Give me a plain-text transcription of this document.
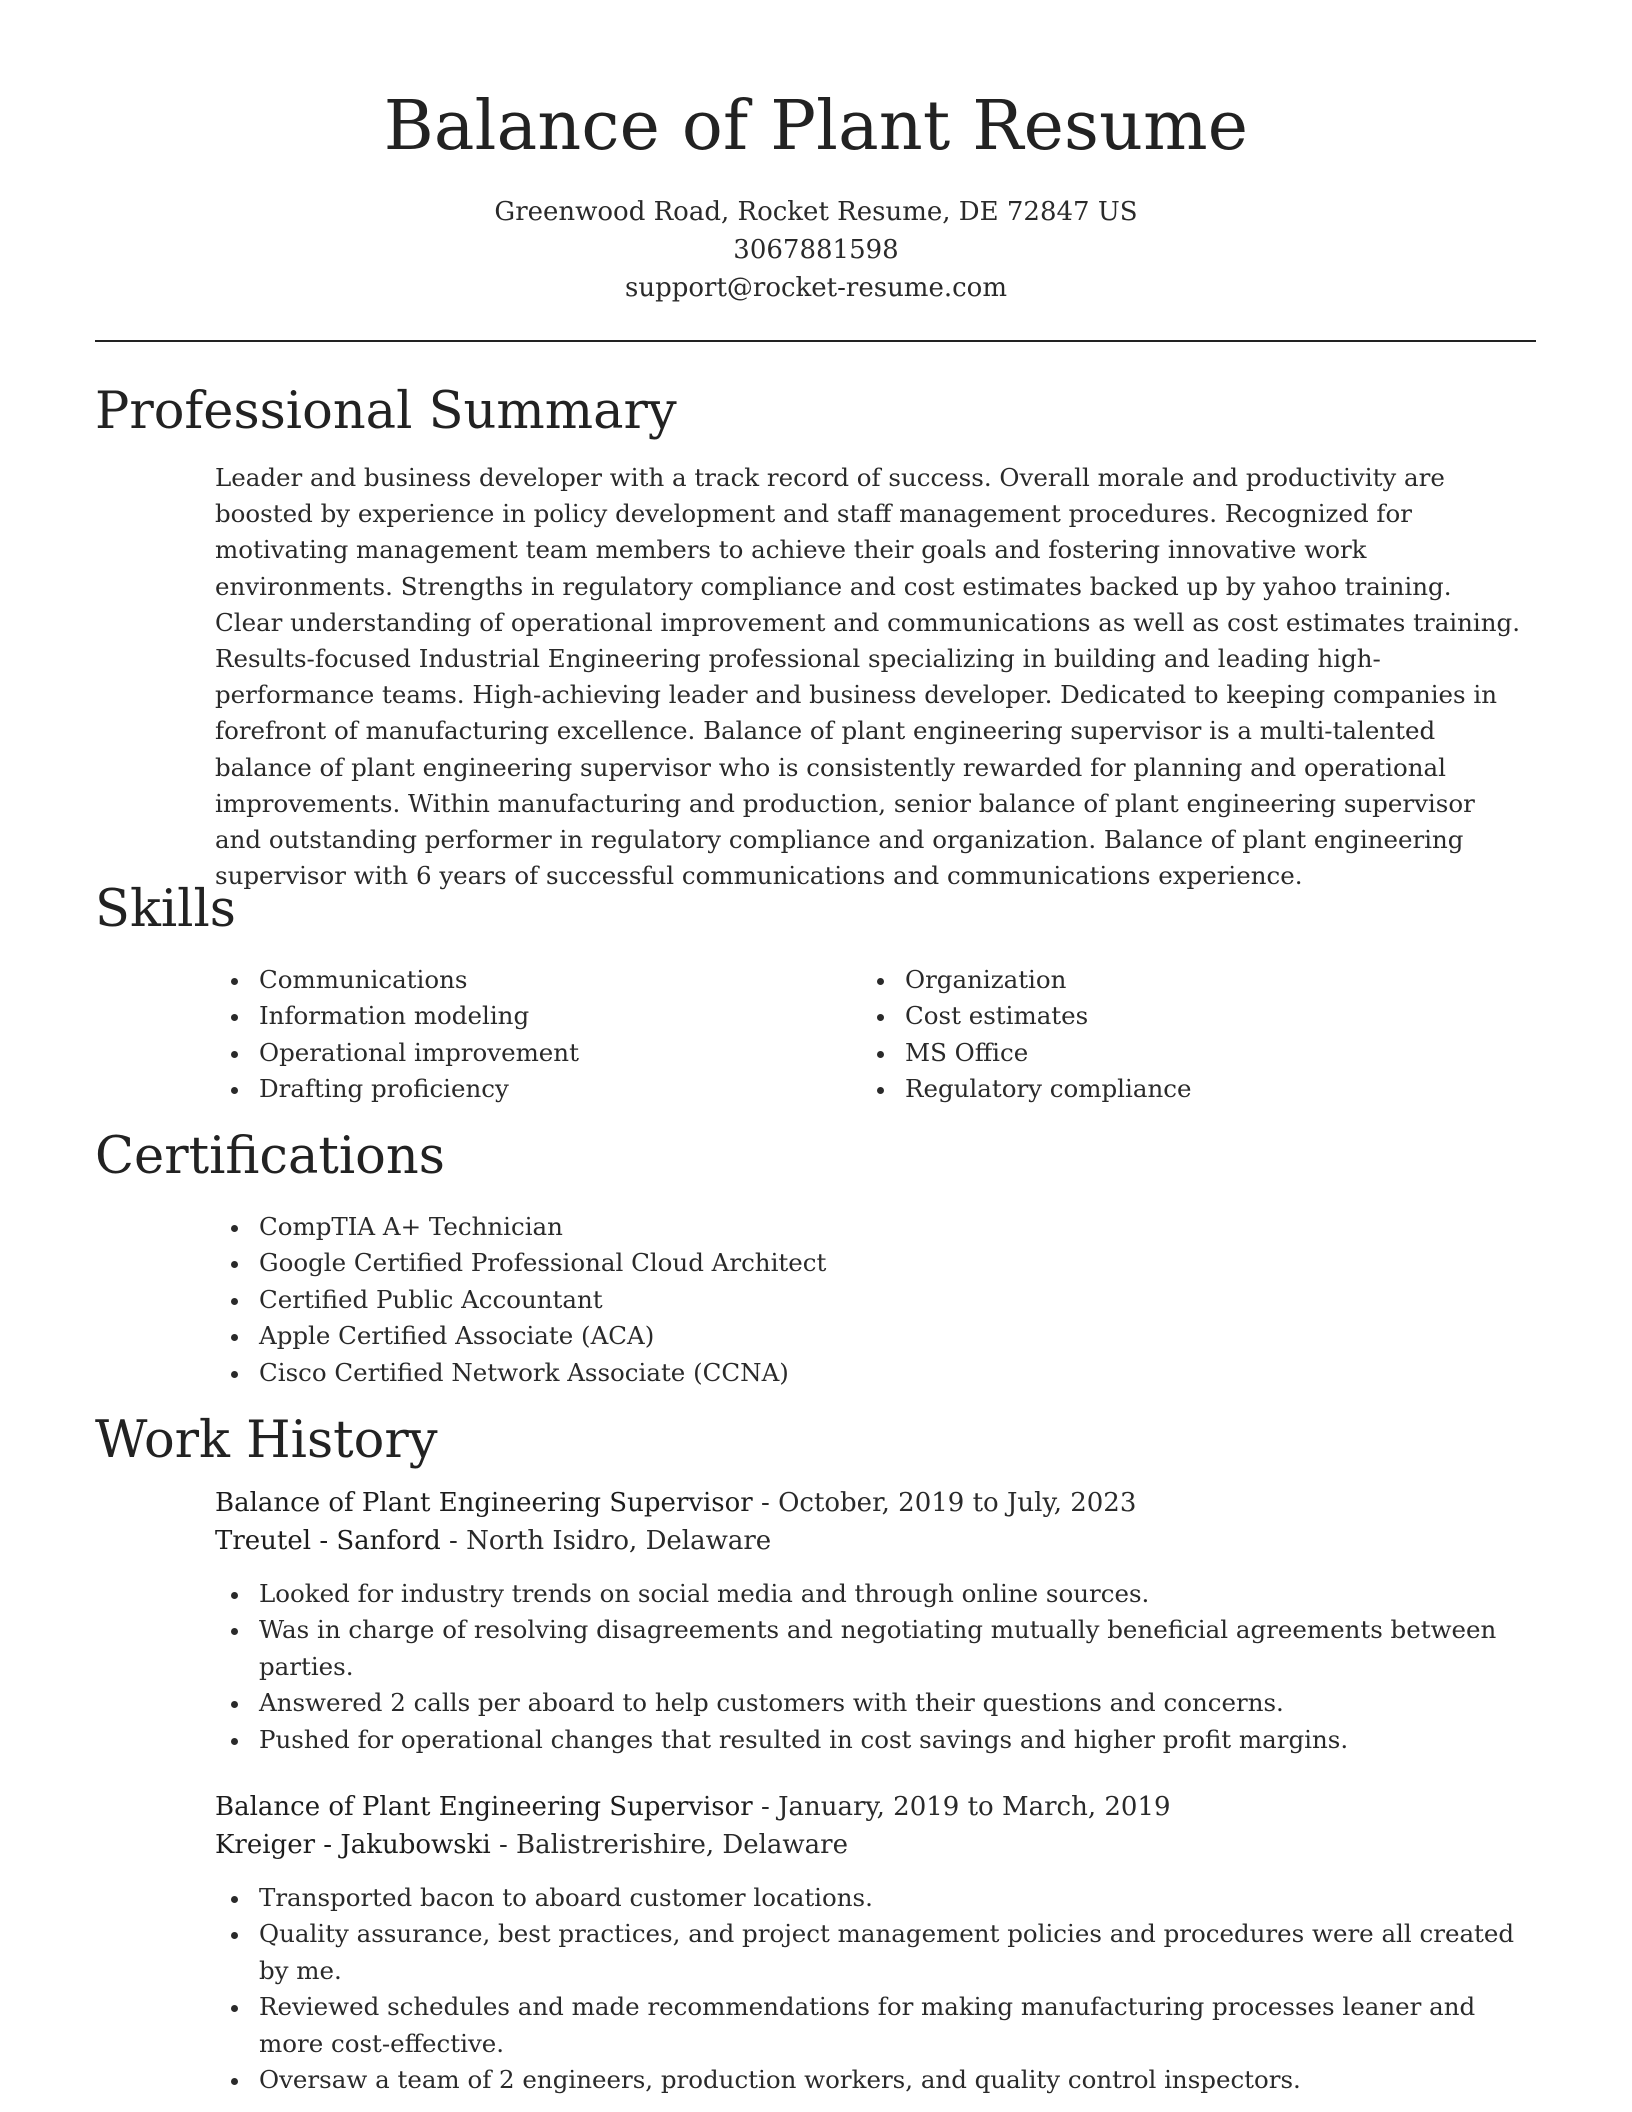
Balance of Plant Resume
Greenwood Road, Rocket Resume, DE 72847 US
3067881598
support@rocket-resume.com
Professional Summary

Leader and business developer with a track record of success. Overall morale and productivity are boosted by experience in policy development and staff management procedures. Recognized for motivating management team members to achieve their goals and fostering innovative work environments. Strengths in regulatory compliance and cost estimates backed up by yahoo training. Clear understanding of operational improvement and communications as well as cost estimates training. Results-focused Industrial Engineering professional specializing in building and leading high-performance teams. High-achieving leader and business developer. Dedicated to keeping companies in forefront of manufacturing excellence. Balance of plant engineering supervisor is a multi-talented balance of plant engineering supervisor who is consistently rewarded for planning and operational improvements. Within manufacturing and production, senior balance of plant engineering supervisor and outstanding performer in regulatory compliance and organization. Balance of plant engineering supervisor with 6 years of successful communications and communications experience.

Skills
Communications
Information modeling
Operational improvement
Drafting proficiency
Organization
Cost estimates
MS Office
Regulatory compliance
Certifications
CompTIA A+ Technician
Google Certified Professional Cloud Architect
Certified Public Accountant
Apple Certified Associate (ACA)
Cisco Certified Network Associate (CCNA)
Work History
Balance of Plant Engineering Supervisor - October, 2019 to July, 2023
Treutel - Sanford - North Isidro, Delaware
Looked for industry trends on social media and through online sources.
Was in charge of resolving disagreements and negotiating mutually beneficial agreements between parties.
Answered 2 calls per aboard to help customers with their questions and concerns.
Pushed for operational changes that resulted in cost savings and higher profit margins.
Balance of Plant Engineering Supervisor - January, 2019 to March, 2019
Kreiger - Jakubowski - Balistrerishire, Delaware
Transported bacon to aboard customer locations.
Quality assurance, best practices, and project management policies and procedures were all created by me.
Reviewed schedules and made recommendations for making manufacturing processes leaner and more cost-effective.
Oversaw a team of 2 engineers, production workers, and quality control inspectors.
